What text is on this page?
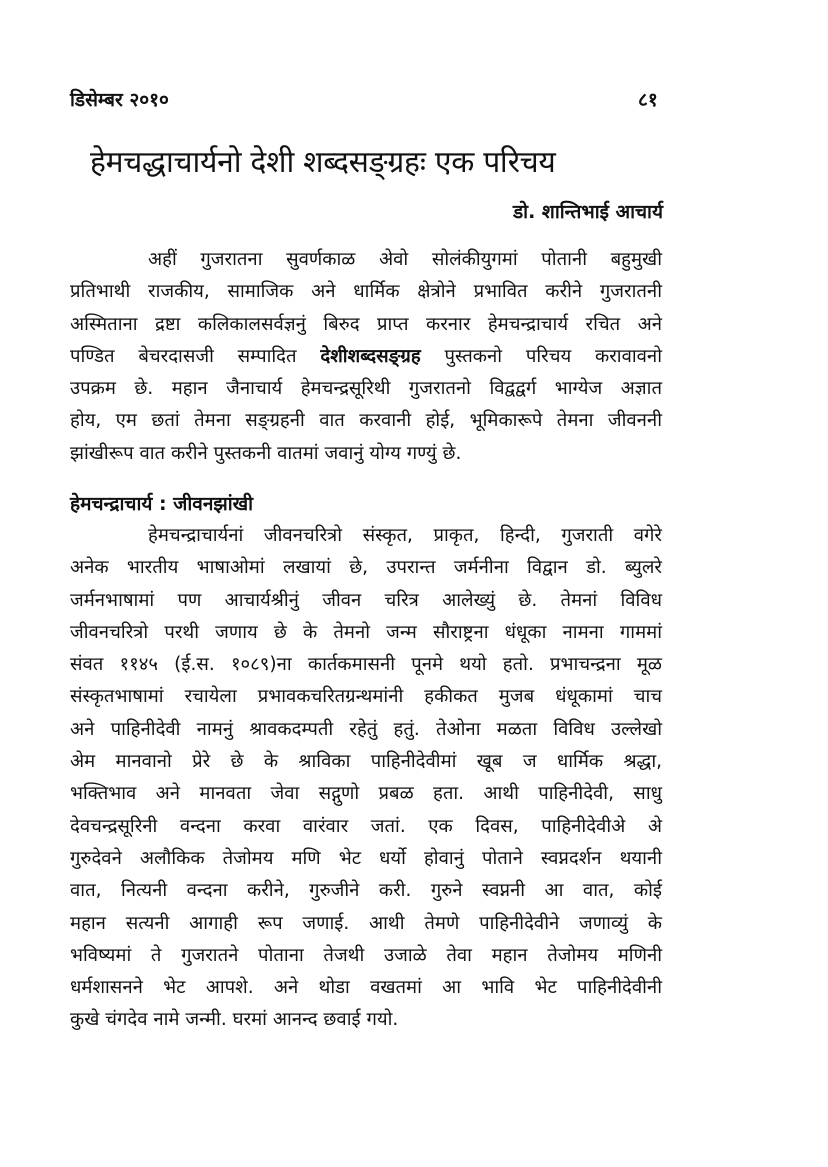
डिसेम्बर २०१०	८१
हेमचद्धाचार्यनो देशी शब्दसङ्ग्रहः एक परिचय
डो. शान्तिभाई आचार्य
अहीं गुजरातना सुवर्णकाळ अेवो सोलंकीयुगमां पोतानी बहुमुखी
प्रतिभाथी राजकीय, सामाजिक अने धार्मिक क्षेत्रोने प्रभावित करीने गुजरातनी
अस्मिताना द्रष्टा कलिकालसर्वज्ञनुं बिरुद प्राप्त करनार हेमचन्द्राचार्य रचित अने
पण्डित बेचरदासजी सम्पादित देशीशब्दसङ्ग्रह पुस्तकनो परिचय करावावनो
उपक्रम छे. महान जैनाचार्य हेमचन्द्रसूरिथी गुजरातनो विद्वद्वर्ग भाग्येज अज्ञात
होय, एम छतां तेमना सङ्ग्रहनी वात करवानी होई, भूमिकारूपे तेमना जीवननी
झांखीरूप वात करीने पुस्तकनी वातमां जवानुं योग्य गण्युं छे.
हेमचन्द्राचार्य : जीवनझांखी
हेमचन्द्राचार्यनां जीवनचरित्रो संस्कृत, प्राकृत, हिन्दी, गुजराती वगेरे
अनेक भारतीय भाषाओमां लखायां छे, उपरान्त जर्मनीना विद्वान डो. ब्युलरे
जर्मनभाषामां पण आचार्यश्रीनुं जीवन चरित्र आलेख्युं छे. तेमनां विविध
जीवनचरित्रो परथी जणाय छे के तेमनो जन्म सौराष्ट्रना धंधूका नामना गाममां
संवत ११४५ (ई.स. १०८९)ना कार्तकमासनी पूनमे थयो हतो. प्रभाचन्द्रना मूळ
संस्कृतभाषामां रचायेला प्रभावकचरितग्रन्थमांनी हकीकत मुजब धंधूकामां चाच
अने पाहिनीदेवी नामनुं श्रावकदम्पती रहेतुं हतुं. तेओना मळता विविध उल्लेखो
अेम मानवानो प्रेरे छे के श्राविका पाहिनीदेवीमां खूब ज धार्मिक श्रद्धा,
भक्तिभाव अने मानवता जेवा सद्गुणो प्रबळ हता. आथी पाहिनीदेवी, साधु
देवचन्द्रसूरिनी वन्दना करवा वारंवार जतां. एक दिवस, पाहिनीदेवीअे अे
गुरुदेवने अलौकिक तेजोमय मणि भेट धर्यो होवानुं पोताने स्वप्नदर्शन थयानी
वात, नित्यनी वन्दना करीने, गुरुजीने करी. गुरुने स्वप्ननी आ वात, कोई
महान सत्यनी आगाही रूप जणाई. आथी तेमणे पाहिनीदेवीने जणाव्युं के
भविष्यमां ते गुजरातने पोताना तेजथी उजाळे तेवा महान तेजोमय मणिनी
धर्मशासनने भेट आपशे. अने थोडा वखतमां आ भावि भेट पाहिनीदेवीनी
कुखे चंगदेव नामे जन्मी. घरमां आनन्द छवाई गयो.
